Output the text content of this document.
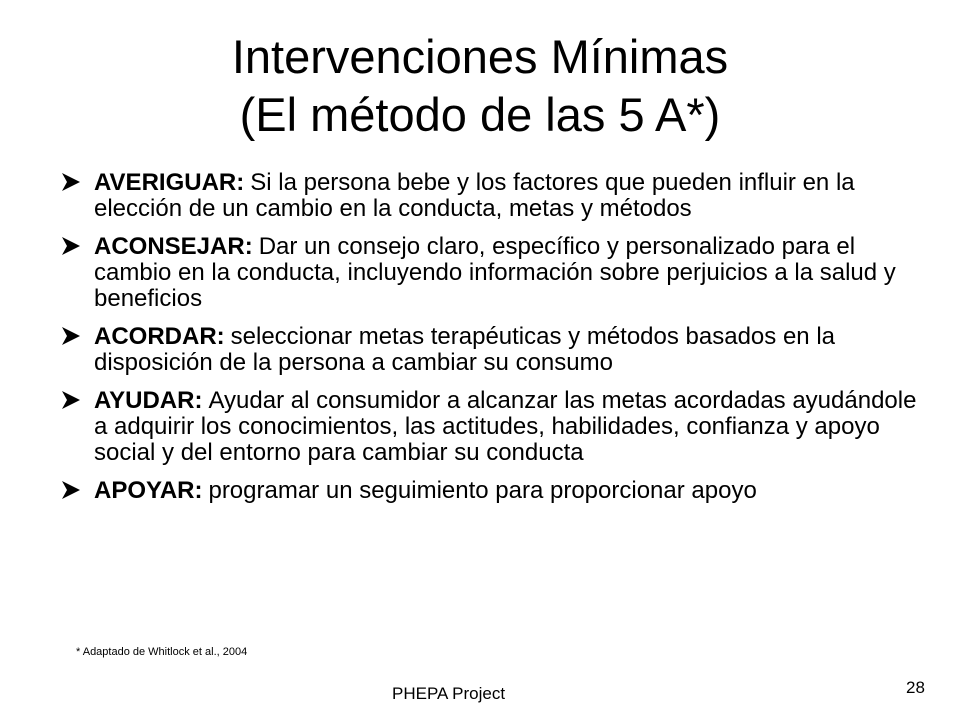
Intervenciones Mínimas
(El método de las 5 A*)
AVERIGUAR: Si la persona bebe y los factores que pueden influir en la elección de un cambio en la conducta, metas y métodos
ACONSEJAR: Dar un consejo claro, específico y personalizado para el cambio en la conducta, incluyendo información sobre perjuicios a la salud y beneficios
ACORDAR: seleccionar metas terapéuticas y métodos basados en la disposición de la persona a cambiar su consumo
AYUDAR: Ayudar al consumidor a alcanzar las metas acordadas ayudándole a adquirir los conocimientos, las actitudes, habilidades, confianza y apoyo social y del entorno para cambiar su conducta
APOYAR: programar un seguimiento para proporcionar apoyo
* Adaptado de Whitlock et al., 2004
PHEPA Project	28
